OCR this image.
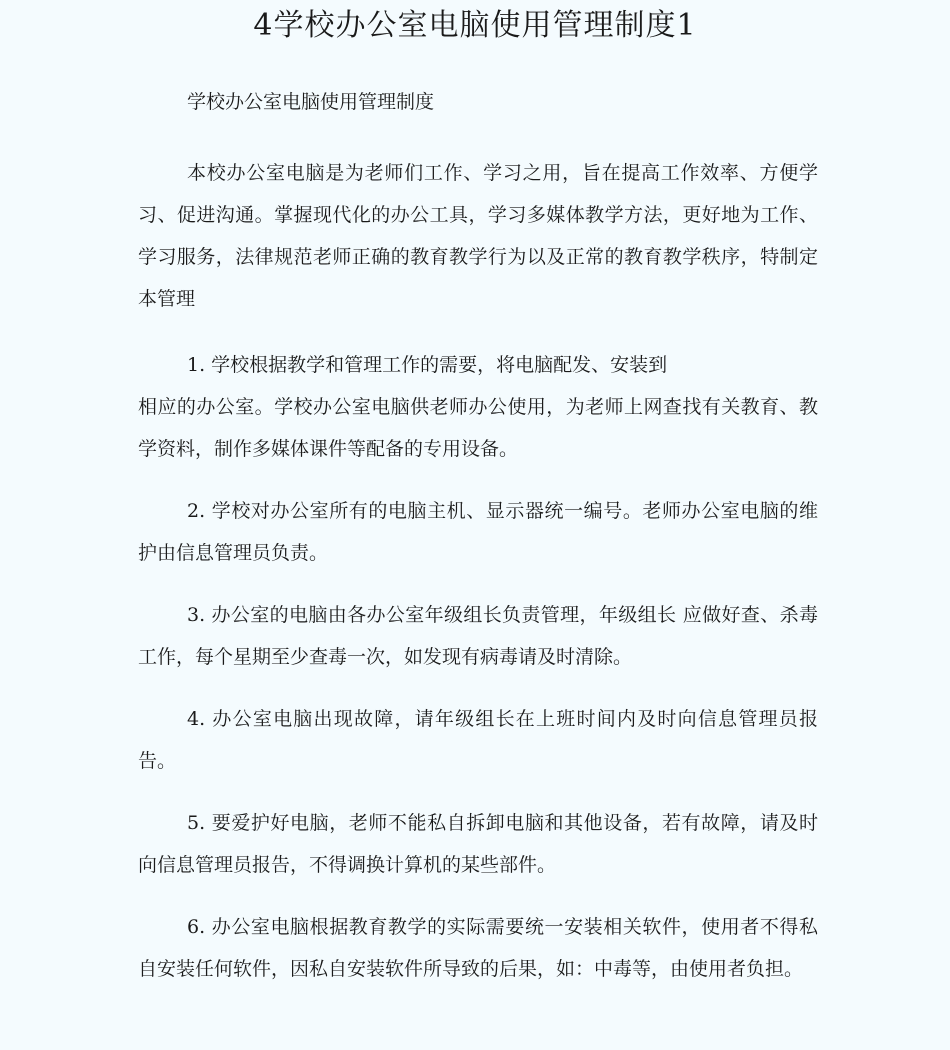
4学校办公室电脑使用管理制度1

学校办公室电脑使用管理制度

本校办公室电脑是为老师们工作、学习之用，旨在提高工作效率、方便学习、促进沟通。掌握现代化的办公工具，学习多媒体教学方法，更好地为工作、学习服务，法律规范老师正确的教育教学行为以及正常的教育教学秩序，特制定本管理

1. 学校根据教学和管理工作的需要，将电脑配发、安装到
相应的办公室。学校办公室电脑供老师办公使用，为老师上网查找有关教育、教学资料，制作多媒体课件等配备的专用设备。

2. 学校对办公室所有的电脑主机、显示器统一编号。老师办公室电脑的维护由信息管理员负责。

3. 办公室的电脑由各办公室年级组长负责管理，年级组长 应做好查、杀毒工作，每个星期至少查毒一次，如发现有病毒请及时清除。

4. 办公室电脑出现故障，请年级组长在上班时间内及时向信息管理员报告。

5. 要爱护好电脑，老师不能私自拆卸电脑和其他设备，若有故障，请及时向信息管理员报告，不得调换计算机的某些部件。

6. 办公室电脑根据教育教学的实际需要统一安装相关软件，使用者不得私自安装任何软件，因私自安装软件所导致的后果，如：中毒等，由使用者负担。
